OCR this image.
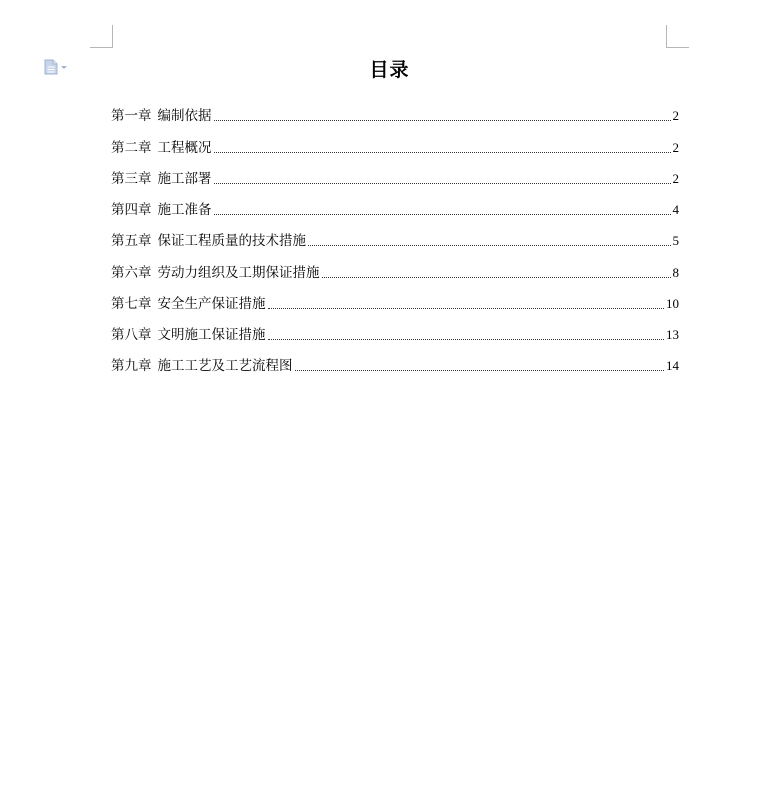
目录
第一章 编制依据	2
第二章 工程概况	2
第三章 施工部署	2
第四章 施工准备	4
第五章 保证工程质量的技术措施	5
第六章 劳动力组织及工期保证措施	8
第七章 安全生产保证措施	10
第八章 文明施工保证措施	13
第九章 施工工艺及工艺流程图	14
